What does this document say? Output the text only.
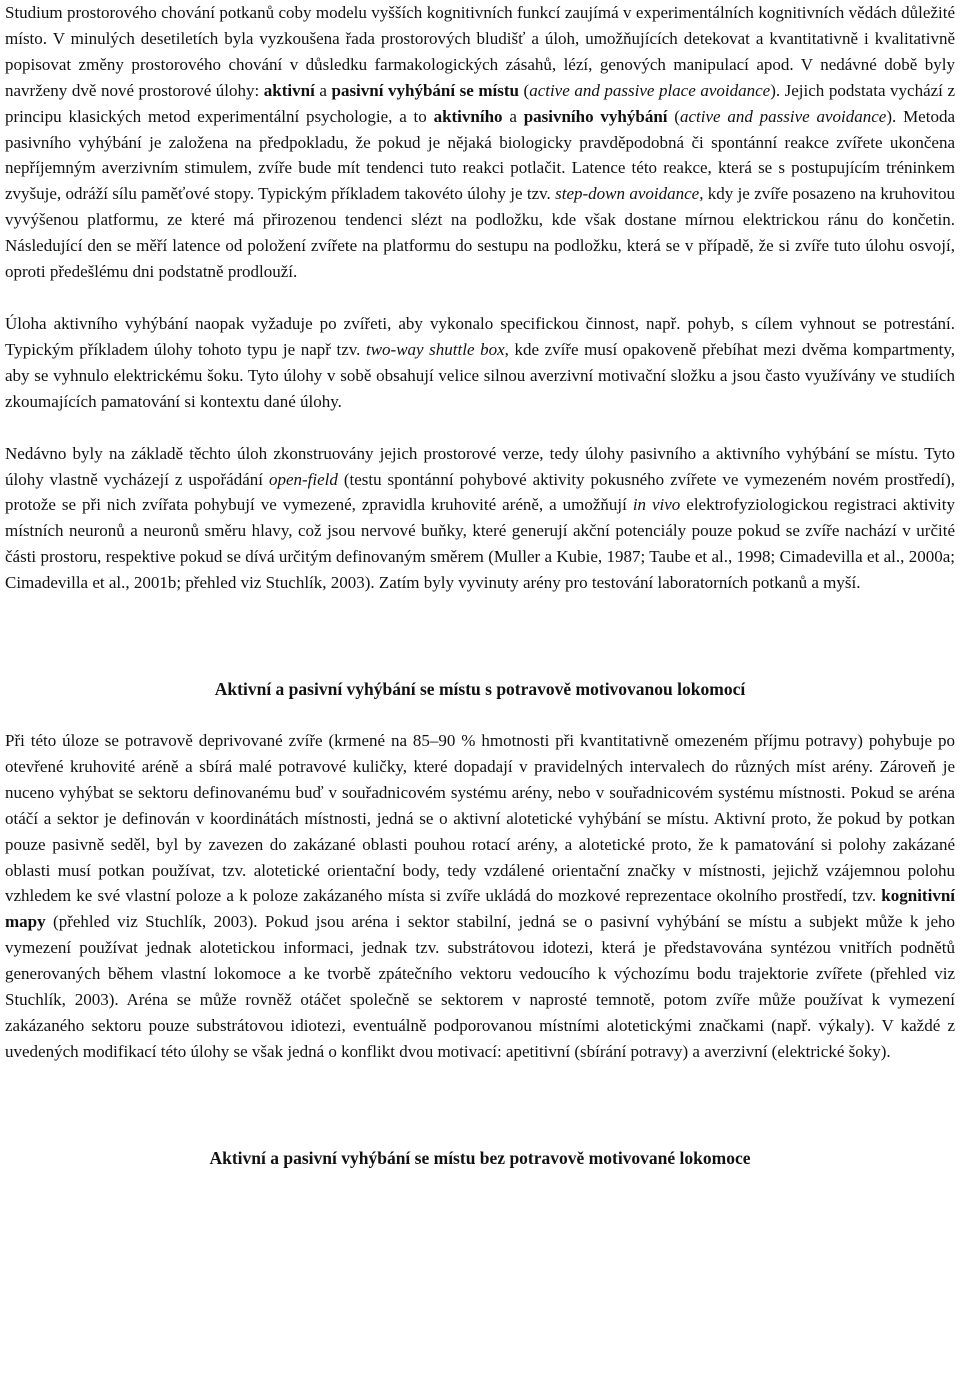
Studium prostorového chování potkanů coby modelu vyšších kognitivních funkcí zaujímá v experimentálních kognitivních vědách důležité místo. V minulých desetiletích byla vyzkoušena řada prostorových bludišť a úloh, umožňujících detekovat a kvantitativně i kvalitativně popisovat změny prostorového chování v důsledku farmakologických zásahů, lézí, genových manipulací apod. V nedávné době byly navrženy dvě nové prostorové úlohy: aktivní a pasivní vyhýbání se místu (active and passive place avoidance). Jejich podstata vychází z principu klasických metod experimentální psychologie, a to aktivního a pasivního vyhýbání (active and passive avoidance). Metoda pasivního vyhýbání je založena na předpokladu, že pokud je nějaká biologicky pravděpodobná či spontánní reakce zvířete ukončena nepříjemným averzivním stimulem, zvíře bude mít tendenci tuto reakci potlačit. Latence této reakce, která se s postupujícím tréninkem zvyšuje, odráží sílu paměťové stopy. Typickým příkladem takovéto úlohy je tzv. step-down avoidance, kdy je zvíře posazeno na kruhovitou vyvýšenou platformu, ze které má přirozenou tendenci slézt na podložku, kde však dostane mírnou elektrickou ránu do končetin. Následující den se měří latence od položení zvířete na platformu do sestupu na podložku, která se v případě, že si zvíře tuto úlohu osvojí, oproti předešlému dni podstatně prodlouží.

Úloha aktivního vyhýbání naopak vyžaduje po zvířeti, aby vykonalo specifickou činnost, např. pohyb, s cílem vyhnout se potrestání. Typickým příkladem úlohy tohoto typu je např tzv. two-way shuttle box, kde zvíře musí opakoveně přebíhat mezi dvěma kompartmenty, aby se vyhnulo elektrickému šoku. Tyto úlohy v sobě obsahují velice silnou averzivní motivační složku a jsou často využívány ve studiích zkoumajících pamatování si kontextu dané úlohy.

Nedávno byly na základě těchto úloh zkonstruovány jejich prostorové verze, tedy úlohy pasivního a aktivního vyhýbání se místu. Tyto úlohy vlastně vycházejí z uspořádání open-field (testu spontánní pohybové aktivity pokusného zvířete ve vymezeném novém prostředí), protože se při nich zvířata pohybují ve vymezené, zpravidla kruhovité aréně, a umožňují in vivo elektrofyziologickou registraci aktivity místních neuronů a neuronů směru hlavy, což jsou nervové buňky, které generují akční potenciály pouze pokud se zvíře nachází v určité části prostoru, respektive pokud se dívá určitým definovaným směrem (Muller a Kubie, 1987; Taube et al., 1998; Cimadevilla et al., 2000a; Cimadevilla et al., 2001b; přehled viz Stuchlík, 2003). Zatím byly vyvinuty arény pro testování laboratorních potkanů a myší.

Aktivní a pasivní vyhýbání se místu s potravově motivovanou lokomocí

Při této úloze se potravově deprivované zvíře (krmené na 85–90 % hmotnosti při kvantitativně omezeném příjmu potravy) pohybuje po otevřené kruhovité aréně a sbírá malé potravové kuličky, které dopadají v pravidelných intervalech do různých míst arény. Zároveň je nuceno vyhýbat se sektoru definovanému buď v souřadnicovém systému arény, nebo v souřadnicovém systému místnosti. Pokud se aréna otáčí a sektor je definován v koordinátách místnosti, jedná se o aktivní alotetické vyhýbání se místu. Aktivní proto, že pokud by potkan pouze pasivně seděl, byl by zavezen do zakázané oblasti pouhou rotací arény, a alotetické proto, že k pamatování si polohy zakázané oblasti musí potkan používat, tzv. alotetické orientační body, tedy vzdálené orientační značky v místnosti, jejichž vzájemnou polohu vzhledem ke své vlastní poloze a k poloze zakázaného místa si zvíře ukládá do mozkové reprezentace okolního prostředí, tzv. kognitivní mapy (přehled viz Stuchlík, 2003). Pokud jsou aréna i sektor stabilní, jedná se o pasivní vyhýbání se místu a subjekt může k jeho vymezení používat jednak alotetickou informaci, jednak tzv. substrátovou idotezi, která je představována syntézou vnitřích podnětů generovaných během vlastní lokomoce a ke tvorbě zpátečního vektoru vedoucího k výchozímu bodu trajektorie zvířete (přehled viz Stuchlík, 2003). Aréna se může rovněž otáčet společně se sektorem v naprosté temnotě, potom zvíře může používat k vymezení zakázaného sektoru pouze substrátovou idiotezi, eventuálně podporovanou místními alotetickými značkami (např. výkaly). V každé z uvedených modifikací této úlohy se však jedná o konflikt dvou motivací: apetitivní (sbírání potravy) a averzivní (elektrické šoky).

Aktivní a pasivní vyhýbání se místu bez potravově motivované lokomoce
